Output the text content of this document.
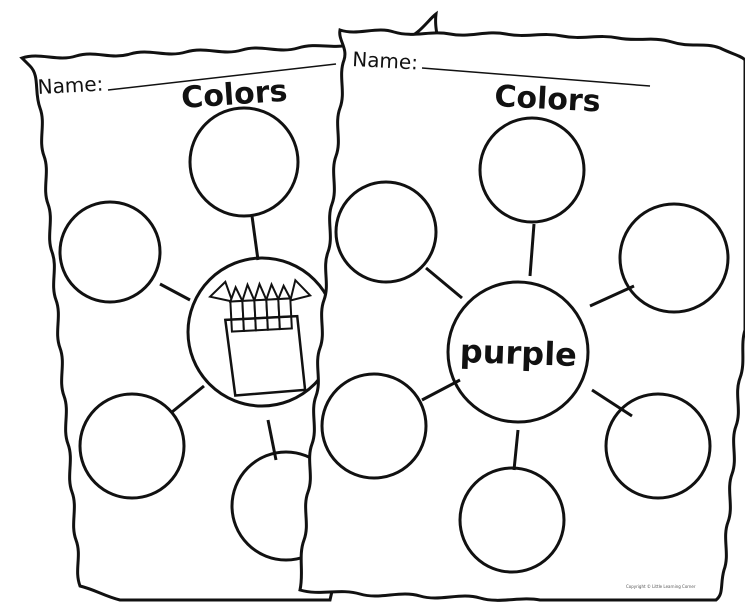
Name:	Colors
Name:
Colors
purple
Copyright © Little Learning Corner
